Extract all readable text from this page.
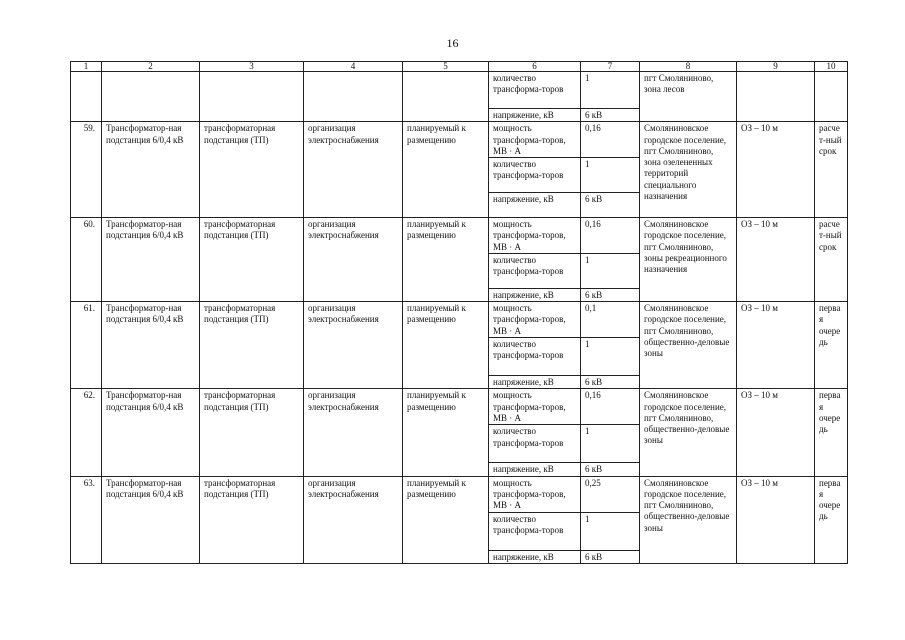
16
1	2	3	4	5	6	7	8	9	10
					количество трансформа-торов	1	пгт Смоляниново, зона лесов		
					напряжение, кВ	6 кВ			
59.	Трансформатор-ная подстанция 6/0,4 кВ	трансформаторная подстанция (ТП)	организация электроснабжения	планируемый к размещению	мощность трансформа-торов, МВ · А	0,16	Смоляниновское городское поселение, пгт Смоляниново, зона озелененных территорий специального назначения	ОЗ – 10 м	расчет-ный срок
					количество трансформа-торов	1			
					напряжение, кВ	6 кВ			
60.	Трансформатор-ная подстанция 6/0,4 кВ	трансформаторная подстанция (ТП)	организация электроснабжения	планируемый к размещению	мощность трансформа-торов, МВ · А	0,16	Смоляниновское городское поселение, пгт Смоляниново, зоны рекреационного назначения	ОЗ – 10 м	расчет-ный срок
					количество трансформа-торов	1			
					напряжение, кВ	6 кВ			
61.	Трансформатор-ная подстанция 6/0,4 кВ	трансформаторная подстанция (ТП)	организация электроснабжения	планируемый к размещению	мощность трансформа-торов, МВ · А	0,1	Смоляниновское городское поселение, пгт Смоляниново, общественно-деловые зоны	ОЗ – 10 м	первая очередь
					количество трансформа-торов	1			
					напряжение, кВ	6 кВ			
62.	Трансформатор-ная подстанция 6/0,4 кВ	трансформаторная подстанция (ТП)	организация электроснабжения	планируемый к размещению	мощность трансформа-торов, МВ · А	0,16	Смоляниновское городское поселение, пгт Смоляниново, общественно-деловые зоны	ОЗ – 10 м	первая очередь
					количество трансформа-торов	1			
					напряжение, кВ	6 кВ			
63.	Трансформатор-ная подстанция 6/0,4 кВ	трансформаторная подстанция (ТП)	организация электроснабжения	планируемый к размещению	мощность трансформа-торов, МВ · А	0,25	Смоляниновское городское поселение, пгт Смоляниново, общественно-деловые зоны	ОЗ – 10 м	первая очередь
					количество трансформа-торов	1			
					напряжение, кВ	6 кВ			
